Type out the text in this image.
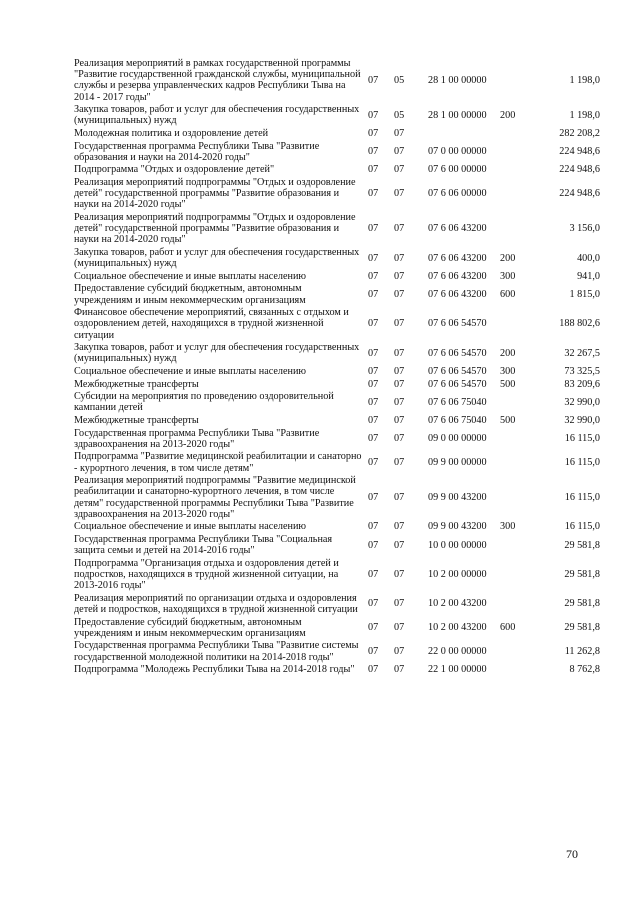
Реализация мероприятий в рамках государственной программы "Развитие государственной гражданской службы, муниципальной службы и резерва управленческих кадров Республики Тыва на 2014 - 2017 годы"	07	05	28 1 00 00000		1 198,0
Закупка товаров, работ и услуг для обеспечения государственных (муниципальных) нужд	07	05	28 1 00 00000	200	1 198,0
Молодежная политика и оздоровление детей	07	07			282 208,2
Государственная программа Республики Тыва "Развитие образования и науки на 2014-2020 годы"	07	07	07 0 00 00000		224 948,6
Подпрограмма "Отдых и оздоровление детей"	07	07	07 6 00 00000		224 948,6
Реализация мероприятий подпрограммы "Отдых и оздоровление детей" государственной программы "Развитие образования и науки на 2014-2020 годы"	07	07	07 6 06 00000		224 948,6
Реализация мероприятий подпрограммы "Отдых и оздоровление детей" государственной программы "Развитие образования и науки на 2014-2020 годы"	07	07	07 6 06 43200		3 156,0
Закупка товаров, работ и услуг для обеспечения государственных (муниципальных) нужд	07	07	07 6 06 43200	200	400,0
Социальное обеспечение и иные выплаты населению	07	07	07 6 06 43200	300	941,0
Предоставление субсидий бюджетным, автономным учреждениям и иным некоммерческим организациям	07	07	07 6 06 43200	600	1 815,0
Финансовое обеспечение мероприятий, связанных с отдыхом и оздоровлением детей, находящихся в трудной жизненной ситуации	07	07	07 6 06 54570		188 802,6
Закупка товаров, работ и услуг для обеспечения государственных (муниципальных) нужд	07	07	07 6 06 54570	200	32 267,5
Социальное обеспечение и иные выплаты населению	07	07	07 6 06 54570	300	73 325,5
Межбюджетные трансферты	07	07	07 6 06 54570	500	83 209,6
Субсидии на мероприятия по проведению оздоровительной кампании детей	07	07	07 6 06 75040		32 990,0
Межбюджетные трансферты	07	07	07 6 06 75040	500	32 990,0
Государственная программа Республики Тыва "Развитие здравоохранения на 2013-2020 годы"	07	07	09 0 00 00000		16 115,0
Подпрограмма "Развитие медицинской реабилитации и санаторно - курортного лечения, в том числе детям"	07	07	09 9 00 00000		16 115,0
Реализация мероприятий подпрограммы "Развитие медицинской реабилитации и санаторно-курортного лечения, в том числе детям" государственной программы Республики Тыва "Развитие здравоохранения на 2013-2020 годы"	07	07	09 9 00 43200		16 115,0
Социальное обеспечение и иные выплаты населению	07	07	09 9 00 43200	300	16 115,0
Государственная программа Республики Тыва "Социальная защита семьи и детей на 2014-2016 годы"	07	07	10 0 00 00000		29 581,8
Подпрограмма "Организация отдыха и оздоровления детей и подростков, находящихся в трудной жизненной ситуации, на 2013-2016 годы"	07	07	10 2 00 00000		29 581,8
Реализация мероприятий по организации отдыха и оздоровления детей и подростков, находящихся в трудной жизненной ситуации	07	07	10 2 00 43200		29 581,8
Предоставление субсидий бюджетным, автономным учреждениям и иным некоммерческим организациям	07	07	10 2 00 43200	600	29 581,8
Государственная программа Республики Тыва "Развитие системы государственной молодежной политики на 2014-2018 годы"	07	07	22 0 00 00000		11 262,8
Подпрограмма "Молодежь Республики Тыва на 2014-2018 годы"	07	07	22 1 00 00000		8 762,8
70
